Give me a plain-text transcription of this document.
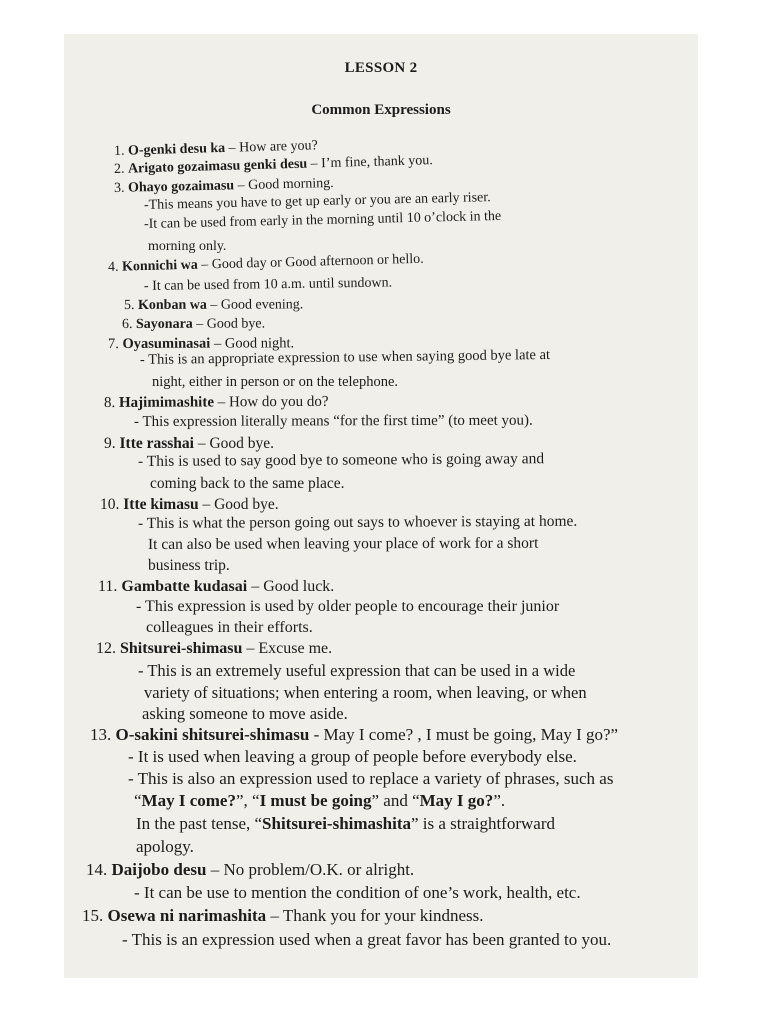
LESSON 2
Common Expressions
1. O-genki desu ka – How are you?
2. Arigato gozaimasu genki desu – I’m fine, thank you.
3. Ohayo gozaimasu – Good morning.
-This means you have to get up early or you are an early riser.
-It can be used from early in the morning until 10 o’clock in the
morning only.
4. Konnichi wa – Good day or Good afternoon or hello.
- It can be used from 10 a.m. until sundown.
5. Konban wa – Good evening.
6. Sayonara – Good bye.
7. Oyasuminasai – Good night.
- This is an appropriate expression to use when saying good bye late at
night, either in person or on the telephone.
8. Hajimimashite – How do you do?
- This expression literally means “for the first time” (to meet you).
9. Itte rasshai – Good bye.
- This is used to say good bye to someone who is going away and
coming back to the same place.
10. Itte kimasu – Good bye.
- This is what the person going out says to whoever is staying at home.
It can also be used when leaving your place of work for a short
business trip.
11. Gambatte kudasai – Good luck.
- This expression is used by older people to encourage their junior
colleagues in their efforts.
12. Shitsurei-shimasu – Excuse me.
- This is an extremely useful expression that can be used in a wide
variety of situations; when entering a room, when leaving, or when
asking someone to move aside.
13. O-sakini shitsurei-shimasu - May I come? , I must be going, May I go?”
- It is used when leaving a group of people before everybody else.
- This is also an expression used to replace a variety of phrases, such as
“May I come?”, “I must be going” and “May I go?”.
In the past tense, “Shitsurei-shimashita” is a straightforward
apology.
14. Daijobo desu – No problem/O.K. or alright.
- It can be use to mention the condition of one’s work, health, etc.
15. Osewa ni narimashita – Thank you for your kindness.
- This is an expression used when a great favor has been granted to you.
